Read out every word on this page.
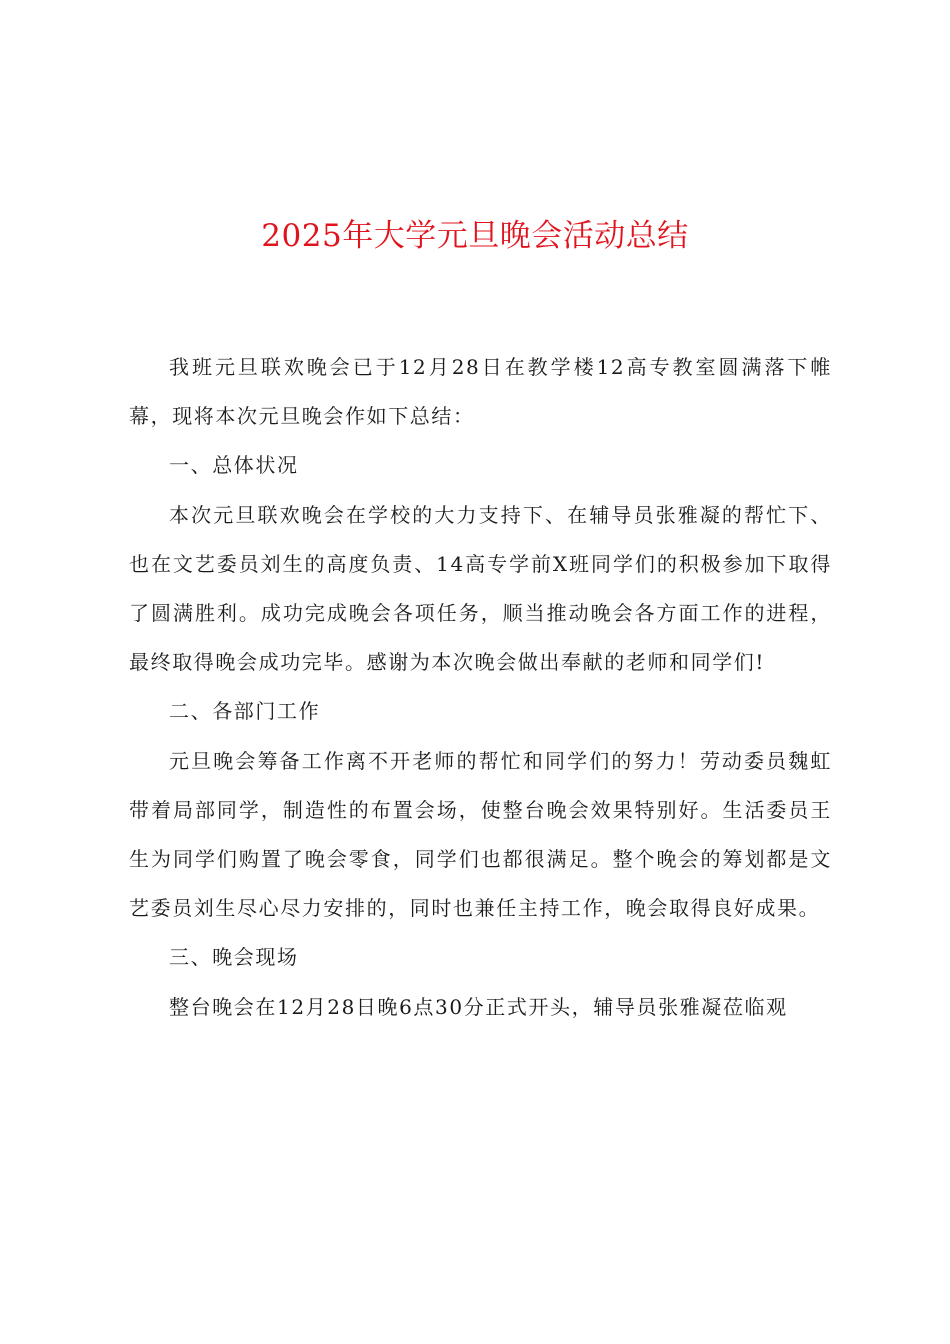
2025年大学元旦晚会活动总结

我班元旦联欢晚会已于12月28日在教学楼12高专教室圆满落下帷幕，现将本次元旦晚会作如下总结：

一、总体状况

本次元旦联欢晚会在学校的大力支持下、在辅导员张雅凝的帮忙下、也在文艺委员刘生的高度负责、14高专学前X班同学们的积极参加下取得了圆满胜利。成功完成晚会各项任务，顺当推动晚会各方面工作的进程，最终取得晚会成功完毕。感谢为本次晚会做出奉献的老师和同学们!

二、各部门工作

元旦晚会筹备工作离不开老师的帮忙和同学们的努力！劳动委员魏虹带着局部同学，制造性的布置会场，使整台晚会效果特别好。生活委员王生为同学们购置了晚会零食，同学们也都很满足。整个晚会的筹划都是文艺委员刘生尽心尽力安排的，同时也兼任主持工作，晚会取得良好成果。

三、晚会现场

整台晚会在12月28日晚6点30分正式开头，辅导员张雅凝莅临观
